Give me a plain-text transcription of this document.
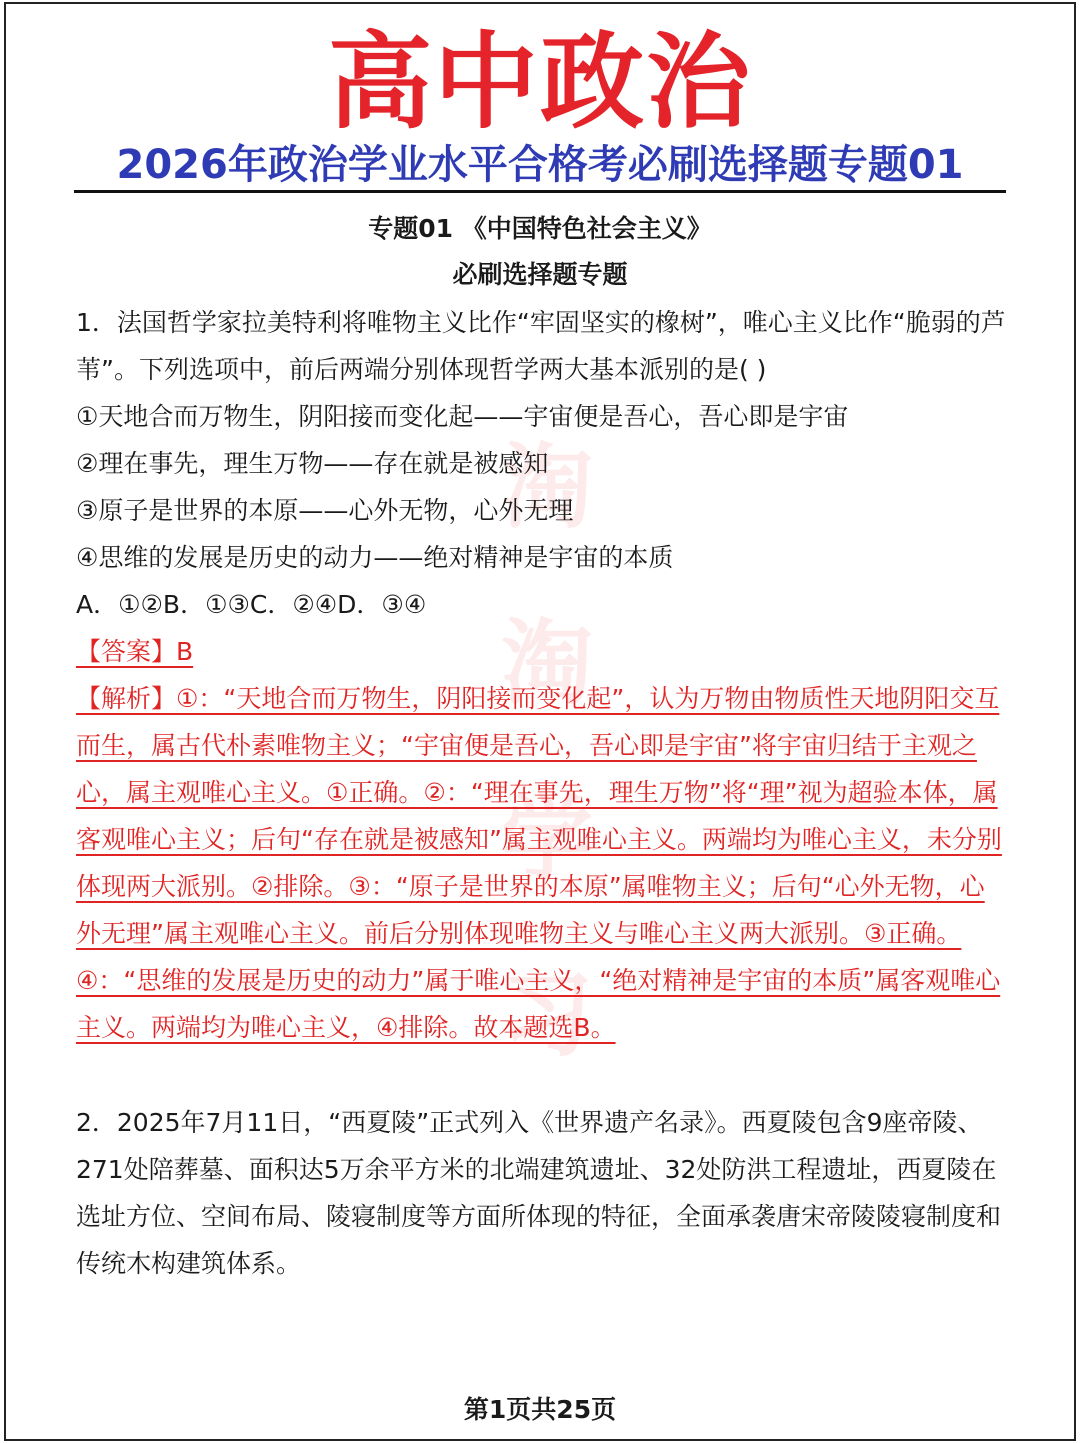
高中政治
2026年政治学业水平合格考必刷选择题专题01
专题01 《中国特色社会主义》
必刷选择题专题
淘
淘
学
习

1．法国哲学家拉美特利将唯物主义比作“牢固坚实的橡树”，唯心主义比作“脆弱的芦苇”。下列选项中，前后两端分别体现哲学两大基本派别的是( )

①天地合而万物生，阴阳接而变化起——宇宙便是吾心，吾心即是宇宙

②理在事先，理生万物——存在就是被感知

③原子是世界的本原——心外无物，心外无理

④思维的发展是历史的动力——绝对精神是宇宙的本质

A．①②B．①③C．②④D．③④

【答案】B

【解析】①：“天地合而万物生，阴阳接而变化起”，认为万物由物质性天地阴阳交互而生，属古代朴素唯物主义；“宇宙便是吾心，吾心即是宇宙”将宇宙归结于主观之心，属主观唯心主义。①正确。②：“理在事先，理生万物”将“理”视为超验本体，属客观唯心主义；后句“存在就是被感知”属主观唯心主义。两端均为唯心主义，未分别体现两大派别。②排除。③：“原子是世界的本原”属唯物主义；后句“心外无物，心外无理”属主观唯心主义。前后分别体现唯物主义与唯心主义两大派别。③正确。④：“思维的发展是历史的动力”属于唯心主义，“绝对精神是宇宙的本质”属客观唯心主义。两端均为唯心主义，④排除。故本题选B。

2．2025年7月11日，“西夏陵”正式列入《世界遗产名录》。西夏陵包含9座帝陵、271处陪葬墓、面积达5万余平方米的北端建筑遗址、32处防洪工程遗址，西夏陵在选址方位、空间布局、陵寝制度等方面所体现的特征，全面承袭唐宋帝陵陵寝制度和传统木构建筑体系。

第1页共25页
